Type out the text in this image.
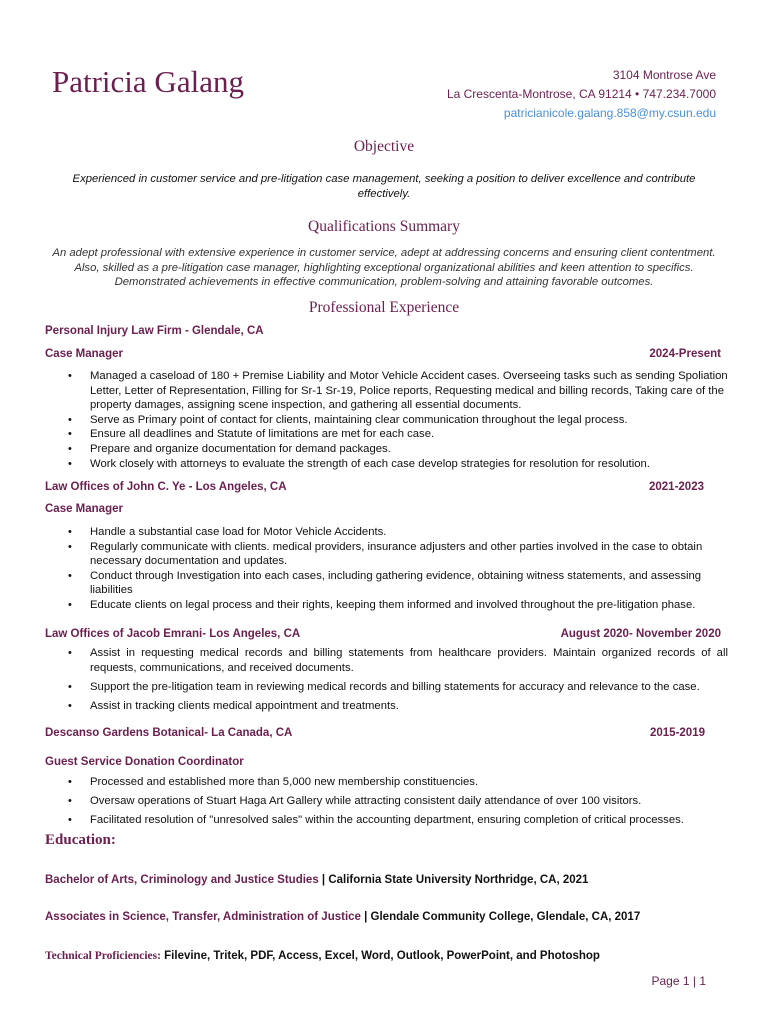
Patricia Galang	3104 Montrose Ave
La Crescenta-Montrose, CA 91214 • 747.234.7000
patricianicole.galang.858@my.csun.edu
Objective
Experienced in customer service and pre-litigation case management, seeking a position to deliver excellence and contribute effectively.
Qualifications Summary
An adept professional with extensive experience in customer service, adept at addressing concerns and ensuring client contentment. Also, skilled as a pre-litigation case manager, highlighting exceptional organizational abilities and keen attention to specifics. Demonstrated achievements in effective communication, problem-solving and attaining favorable outcomes.
Professional Experience
Personal Injury Law Firm - Glendale, CA
Case Manager	2024-Present
• Managed a caseload of 180 + Premise Liability and Motor Vehicle Accident cases. Overseeing tasks such as sending Spoliation Letter, Letter of Representation, Filling for Sr-1 Sr-19, Police reports, Requesting medical and billing records, Taking care of the property damages, assigning scene inspection, and gathering all essential documents.
• Serve as Primary point of contact for clients, maintaining clear communication throughout the legal process.
• Ensure all deadlines and Statute of limitations are met for each case.
• Prepare and organize documentation for demand packages.
• Work closely with attorneys to evaluate the strength of each case develop strategies for resolution for resolution.
Law Offices of John C. Ye - Los Angeles, CA	2021-2023
Case Manager
• Handle a substantial case load for Motor Vehicle Accidents.
• Regularly communicate with clients. medical providers, insurance adjusters and other parties involved in the case to obtain necessary documentation and updates.
• Conduct through Investigation into each cases, including gathering evidence, obtaining witness statements, and assessing liabilities
• Educate clients on legal process and their rights, keeping them informed and involved throughout the pre-litigation phase.
Law Offices of Jacob Emrani- Los Angeles, CA	August 2020- November 2020
• Assist in requesting medical records and billing statements from healthcare providers. Maintain organized records of all requests, communications, and received documents.
• Support the pre-litigation team in reviewing medical records and billing statements for accuracy and relevance to the case.
• Assist in tracking clients medical appointment and treatments.
Descanso Gardens Botanical- La Canada, CA	2015-2019
Guest Service Donation Coordinator
• Processed and established more than 5,000 new membership constituencies.
• Oversaw operations of Stuart Haga Art Gallery while attracting consistent daily attendance of over 100 visitors.
• Facilitated resolution of "unresolved sales" within the accounting department, ensuring completion of critical processes.
Education:
Bachelor of Arts, Criminology and Justice Studies | California State University Northridge, CA, 2021
Associates in Science, Transfer, Administration of Justice | Glendale Community College, Glendale, CA, 2017
Technical Proficiencies: Filevine, Tritek, PDF, Access, Excel, Word, Outlook, PowerPoint, and Photoshop
Page 1 | 1
